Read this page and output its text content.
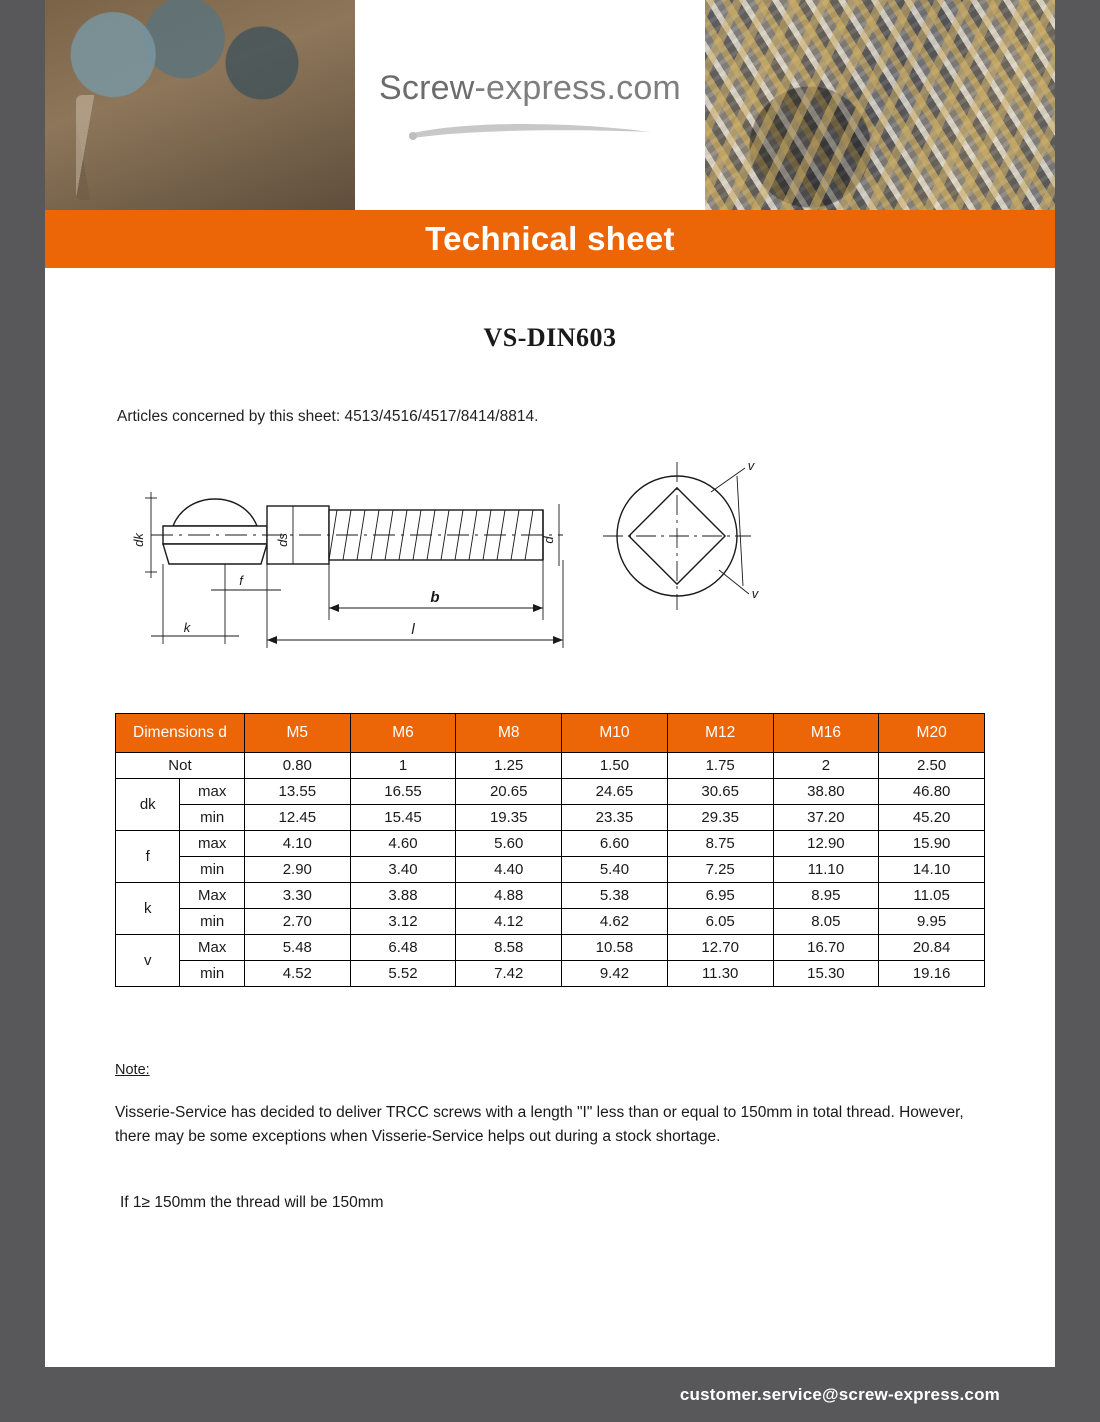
Screw-express.com
Technical sheet
VS-DIN603
Articles concerned by this sheet: 4513/4516/4517/8414/8814.
dk	ds	d
f
k
b
l
v
v
Dimensions d		M5	M6	M8	M10	M12	M16	M20
Not		0.80	1	1.25	1.50	1.75	2	2.50
dk	max	13.55	16.55	20.65	24.65	30.65	38.80	46.80
	min	12.45	15.45	19.35	23.35	29.35	37.20	45.20
f	max	4.10	4.60	5.60	6.60	8.75	12.90	15.90
	min	2.90	3.40	4.40	5.40	7.25	11.10	14.10
k	Max	3.30	3.88	4.88	5.38	6.95	8.95	11.05
	min	2.70	3.12	4.12	4.62	6.05	8.05	9.95
v	Max	5.48	6.48	8.58	10.58	12.70	16.70	20.84
	min	4.52	5.52	7.42	9.42	11.30	15.30	19.16
Note:
Visserie-Service has decided to deliver TRCC screws with a length "I" less than or equal to 150mm in total thread. However, there may be some exceptions when Visserie-Service helps out during a stock shortage.
If 1≥ 150mm the thread will be 150mm
customer.service@screw-express.com
